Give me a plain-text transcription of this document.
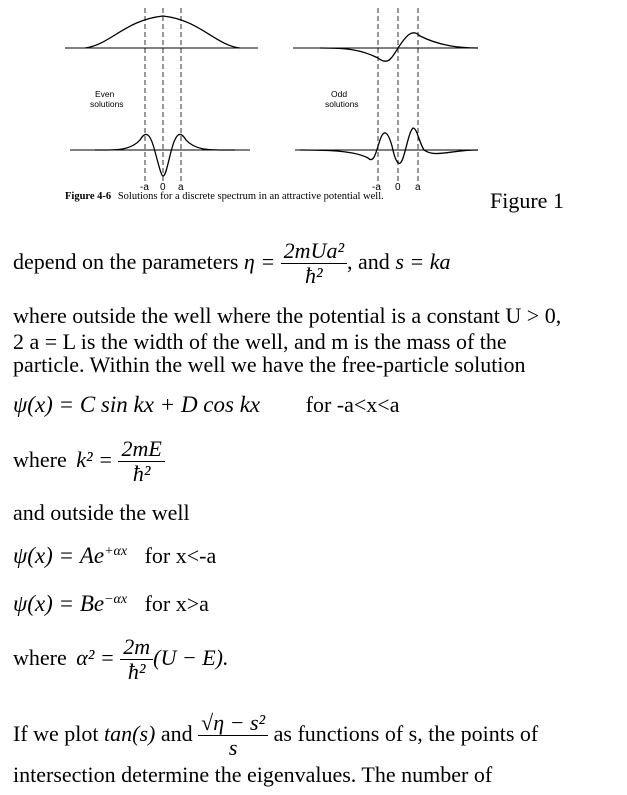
Even
solutions
Odd
solutions
-a 0 a	-a 0 a
Figure 4-6 Solutions for a discrete spectrum in an attractive potential well.	Figure 1
depend on the parameters $\eta = \frac{\text{2mUa²}}{\text{ħ²}}$ , and s = ka
where outside the well where the potential is a constant U > 0,
2 a = L is the width of the well, and m is the mass of the
particle. Within the well we have the free-particle solution
ψ(x) = C sin kx + D cos kx for -a<x<a
where $k^2 = \frac{2mE}{\text{ħ²}}$
and outside the well
$\psi(x) = Ae^{+\alpha x}$ for x<-a
$\psi(x) = Be^{-\alpha x}$ for x>a
where $\alpha^2 = \frac{2m}{\text{ħ²}} (U - E)$.
If we plot tan(s) and $\frac{\text{√η − s²}}{s}$ as functions of s, the points of
intersection determine the eigenvalues. The number of
